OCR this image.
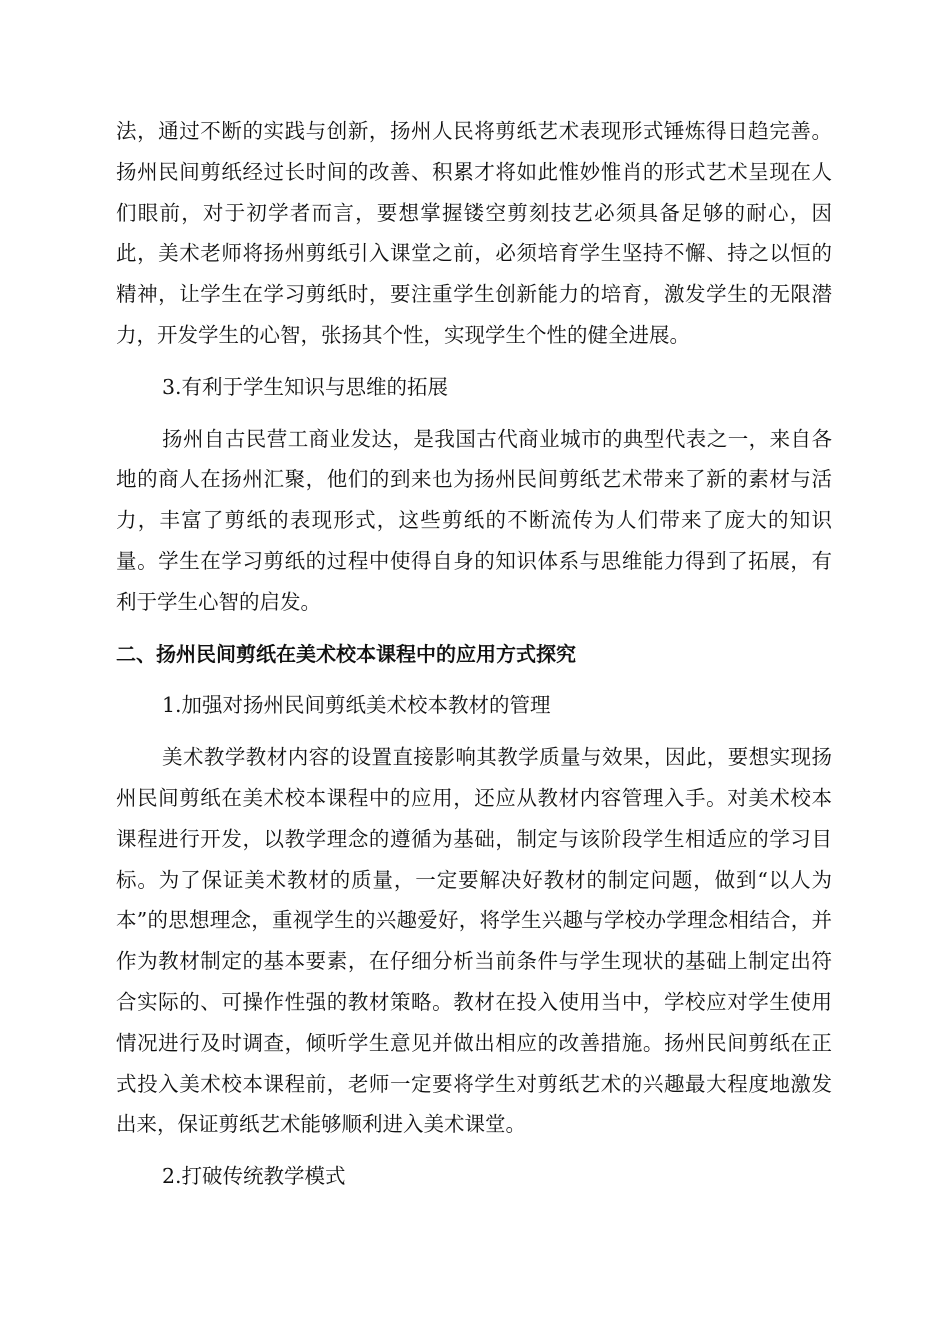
法，通过不断的实践与创新，扬州人民将剪纸艺术表现形式锤炼得日趋完善。扬州民间剪纸经过长时间的改善、积累才将如此惟妙惟肖的形式艺术呈现在人们眼前，对于初学者而言，要想掌握镂空剪刻技艺必须具备足够的耐心，因此，美术老师将扬州剪纸引入课堂之前，必须培育学生坚持不懈、持之以恒的精神，让学生在学习剪纸时，要注重学生创新能力的培育，激发学生的无限潜力，开发学生的心智，张扬其个性，实现学生个性的健全进展。

3.有利于学生知识与思维的拓展

扬州自古民营工商业发达，是我国古代商业城市的典型代表之一，来自各地的商人在扬州汇聚，他们的到来也为扬州民间剪纸艺术带来了新的素材与活力，丰富了剪纸的表现形式，这些剪纸的不断流传为人们带来了庞大的知识量。学生在学习剪纸的过程中使得自身的知识体系与思维能力得到了拓展，有利于学生心智的启发。

二、扬州民间剪纸在美术校本课程中的应用方式探究

1.加强对扬州民间剪纸美术校本教材的管理

美术教学教材内容的设置直接影响其教学质量与效果，因此，要想实现扬州民间剪纸在美术校本课程中的应用，还应从教材内容管理入手。对美术校本课程进行开发，以教学理念的遵循为基础，制定与该阶段学生相适应的学习目标。为了保证美术教材的质量，一定要解决好教材的制定问题，做到“以人为本”的思想理念，重视学生的兴趣爱好，将学生兴趣与学校办学理念相结合，并作为教材制定的基本要素，在仔细分析当前条件与学生现状的基础上制定出符合实际的、可操作性强的教材策略。教材在投入使用当中，学校应对学生使用情况进行及时调查，倾听学生意见并做出相应的改善措施。扬州民间剪纸在正式投入美术校本课程前，老师一定要将学生对剪纸艺术的兴趣最大程度地激发出来，保证剪纸艺术能够顺利进入美术课堂。

2.打破传统教学模式
